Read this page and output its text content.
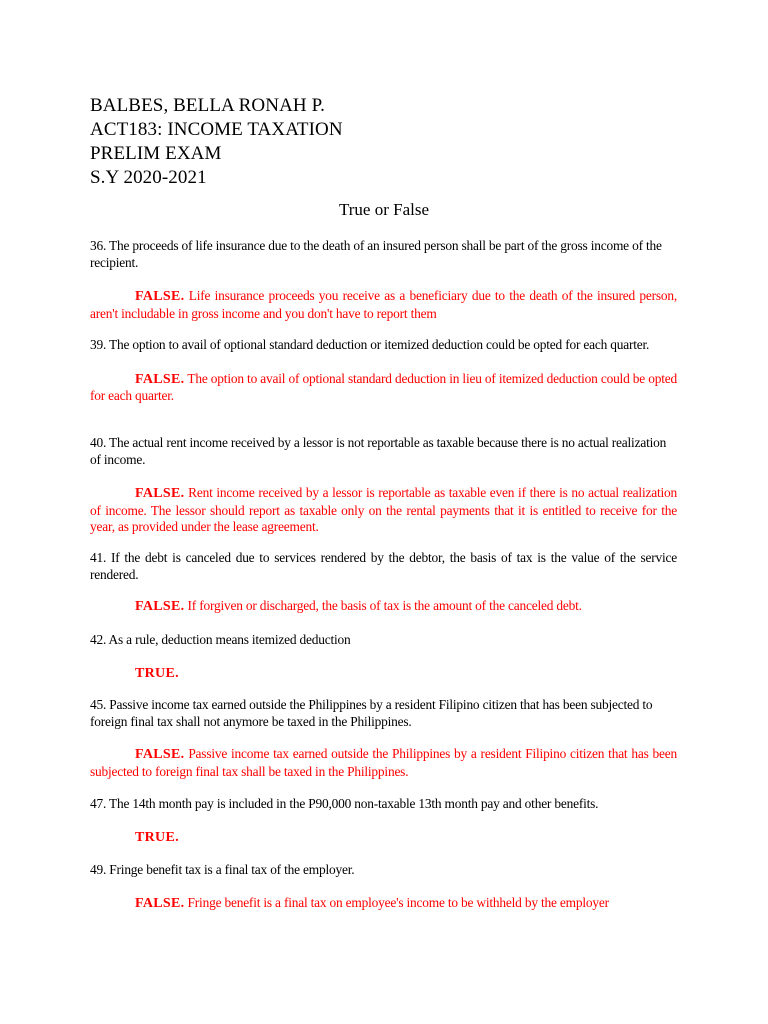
BALBES, BELLA RONAH P.
ACT183: INCOME TAXATION
PRELIM EXAM
S.Y 2020-2021
True or False

36. The proceeds of life insurance due to the death of an insured person shall be part of the gross income of the recipient.

FALSE. Life insurance proceeds you receive as a beneficiary due to the death of the insured person, aren't includable in gross income and you don't have to report them

39. The option to avail of optional standard deduction or itemized deduction could be opted for each quarter.

FALSE. The option to avail of optional standard deduction in lieu of itemized deduction could be opted for each quarter.

40. The actual rent income received by a lessor is not reportable as taxable because there is no actual realization of income.

FALSE. Rent income received by a lessor is reportable as taxable even if there is no actual realization of income. The lessor should report as taxable only on the rental payments that it is entitled to receive for the year, as provided under the lease agreement.

41. If the debt is canceled due to services rendered by the debtor, the basis of tax is the value of the service rendered.

FALSE. If forgiven or discharged, the basis of tax is the amount of the canceled debt.

42. As a rule, deduction means itemized deduction

TRUE.

45. Passive income tax earned outside the Philippines by a resident Filipino citizen that has been subjected to foreign final tax shall not anymore be taxed in the Philippines.

FALSE. Passive income tax earned outside the Philippines by a resident Filipino citizen that has been subjected to foreign final tax shall be taxed in the Philippines.

47. The 14th month pay is included in the P90,000 non-taxable 13th month pay and other benefits.

TRUE.

49. Fringe benefit tax is a final tax of the employer.

FALSE. Fringe benefit is a final tax on employee's income to be withheld by the employer
